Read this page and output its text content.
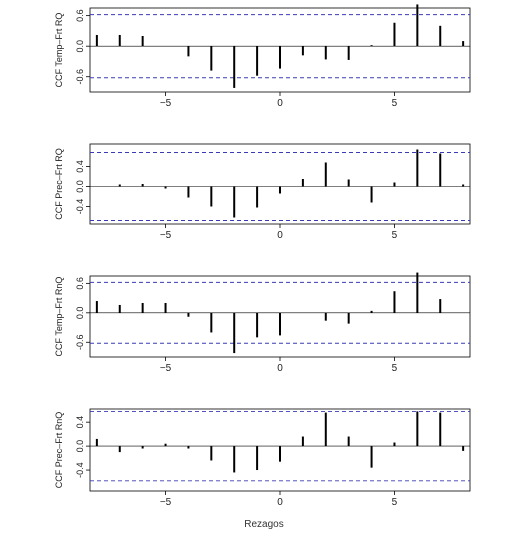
-0.6
0.0
0.6
−5	0	5
CCF Temp–Frt RQ
-0.4
0.0
0.4
−5	0	5
CCF Prec–Frt RQ
-0.6
0.0
0.6
−5	0	5
CCF Temp–Frt RnQ
-0.4
0.0
0.4
−5	0	5
CCF Prec–Frt RnQ
Rezagos
